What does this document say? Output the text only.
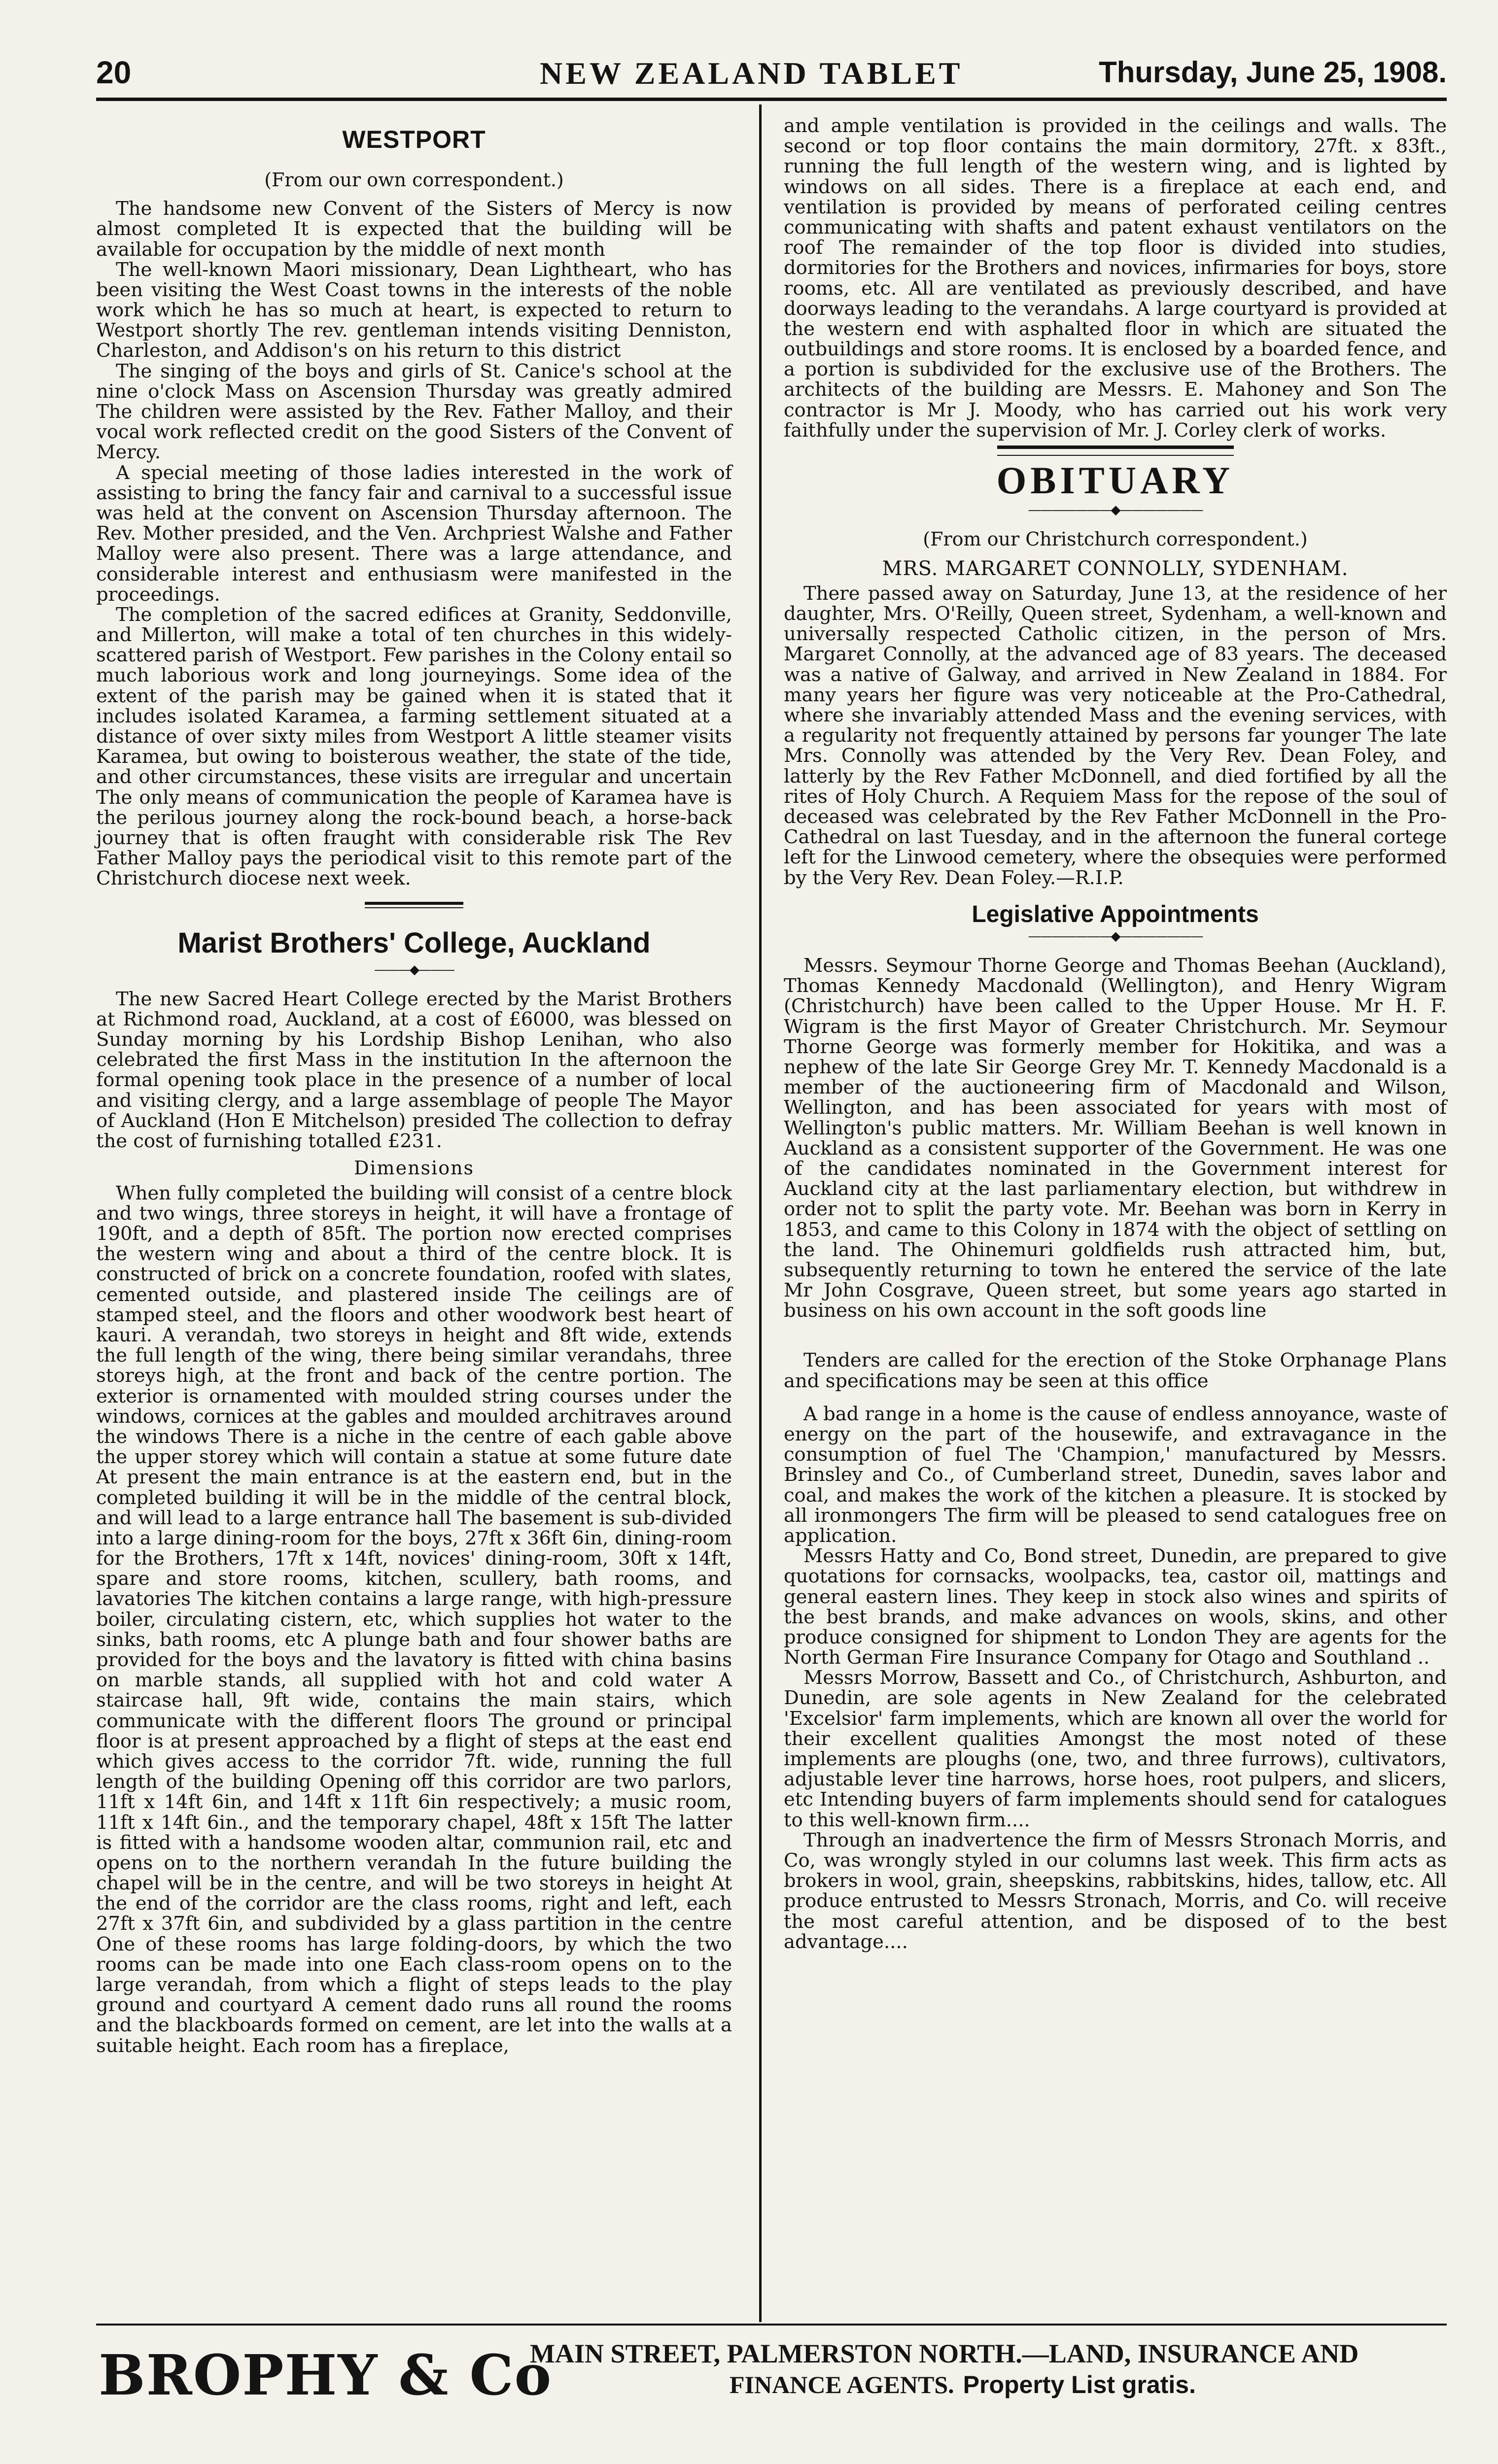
20	NEW ZEALAND TABLET	Thursday, June 25, 1908.
WESTPORT
(From our own correspondent.)

The handsome new Convent of the Sisters of Mercy is now almost completed It is expected that the building will be available for occupation by the middle of next month

The well-known Maori missionary, Dean Lightheart, who has been visiting the West Coast towns in the interests of the noble work which he has so much at heart, is expected to return to Westport shortly The rev. gentleman intends visiting Denniston, Charleston, and Addison's on his return to this district

The singing of the boys and girls of St. Canice's school at the nine o'clock Mass on Ascension Thursday was greatly admired The children were assisted by the Rev. Father Malloy, and their vocal work reflected credit on the good Sisters of the Convent of Mercy.

A special meeting of those ladies interested in the work of assisting to bring the fancy fair and carnival to a successful issue was held at the convent on Ascension Thursday afternoon. The Rev. Mother presided, and the Ven. Archpriest Walshe and Father Malloy were also present. There was a large attendance, and considerable interest and enthusiasm were manifested in the proceedings.

The completion of the sacred edifices at Granity, Seddonville, and Millerton, will make a total of ten churches in this widely-scattered parish of Westport. Few parishes in the Colony entail so much laborious work and long journeyings. Some idea of the extent of the parish may be gained when it is stated that it includes isolated Karamea, a farming settlement situated at a distance of over sixty miles from Westport A little steamer visits Karamea, but owing to boisterous weather, the state of the tide, and other circumstances, these visits are irregular and uncertain The only means of communication the people of Karamea have is the perilous journey along the rock-bound beach, a horse-back journey that is often fraught with considerable risk The Rev Father Malloy pays the periodical visit to this remote part of the Christchurch diocese next week.

Marist Brothers' College, Auckland
———◆———

The new Sacred Heart College erected by the Marist Brothers at Richmond road, Auckland, at a cost of £6000, was blessed on Sunday morning by his Lordship Bishop Lenihan, who also celebrated the first Mass in the institution In the afternoon the formal opening took place in the presence of a number of local and visiting clergy, and a large assemblage of people The Mayor of Auckland (Hon E Mitchelson) presided The collection to defray the cost of furnishing totalled £231.

Dimensions

When fully completed the building will consist of a centre block and two wings, three storeys in height, it will have a frontage of 190ft, and a depth of 85ft. The portion now erected comprises the western wing and about a third of the centre block. It is constructed of brick on a concrete foundation, roofed with slates, cemented outside, and plastered inside The ceilings are of stamped steel, and the floors and other woodwork best heart of kauri. A verandah, two storeys in height and 8ft wide, extends the full length of the wing, there being similar verandahs, three storeys high, at the front and back of the centre portion. The exterior is ornamented with moulded string courses under the windows, cornices at the gables and moulded architraves around the windows There is a niche in the centre of each gable above the upper storey which will contain a statue at some future date At present the main entrance is at the eastern end, but in the completed building it will be in the middle of the central block, and will lead to a large entrance hall The basement is sub-divided into a large dining-room for the boys, 27ft x 36ft 6in, dining-room for the Brothers, 17ft x 14ft, novices' dining-room, 30ft x 14ft, spare and store rooms, kitchen, scullery, bath rooms, and lavatories The kitchen contains a large range, with high-pressure boiler, circulating cistern, etc, which supplies hot water to the sinks, bath rooms, etc A plunge bath and four shower baths are provided for the boys and the lavatory is fitted with china basins on marble stands, all supplied with hot and cold water A staircase hall, 9ft wide, contains the main stairs, which communicate with the different floors The ground or principal floor is at present approached by a flight of steps at the east end which gives access to the corridor 7ft. wide, running the full length of the building Opening off this corridor are two parlors, 11ft x 14ft 6in, and 14ft x 11ft 6in respectively; a music room, 11ft x 14ft 6in., and the temporary chapel, 48ft x 15ft The latter is fitted with a handsome wooden altar, communion rail, etc and opens on to the northern verandah In the future building the chapel will be in the centre, and will be two storeys in height At the end of the corridor are the class rooms, right and left, each 27ft x 37ft 6in, and subdivided by a glass partition in the centre One of these rooms has large folding-doors, by which the two rooms can be made into one Each class-room opens on to the large verandah, from which a flight of steps leads to the play ground and courtyard A cement dado runs all round the rooms and the blackboards formed on cement, are let into the walls at a suitable height. Each room has a fireplace,

and ample ventilation is provided in the ceilings and walls. The second or top floor contains the main dormitory, 27ft. x 83ft., running the full length of the western wing, and is lighted by windows on all sides. There is a fireplace at each end, and ventilation is provided by means of perforated ceiling centres communicating with shafts and patent exhaust ventilators on the roof The remainder of the top floor is divided into studies, dormitories for the Brothers and novices, infirmaries for boys, store rooms, etc. All are ventilated as previously described, and have doorways leading to the verandahs. A large courtyard is provided at the western end with asphalted floor in which are situated the outbuildings and store rooms. It is enclosed by a boarded fence, and a portion is subdivided for the exclusive use of the Brothers. The architects of the building are Messrs. E. Mahoney and Son The contractor is Mr J. Moody, who has carried out his work very faithfully under the supervision of Mr. J. Corley clerk of works.

OBITUARY
———————◆———————
(From our Christchurch correspondent.)
MRS. MARGARET CONNOLLY, SYDENHAM.

There passed away on Saturday, June 13, at the residence of her daughter, Mrs. O'Reilly, Queen street, Sydenham, a well-known and universally respected Catholic citizen, in the person of Mrs. Margaret Connolly, at the advanced age of 83 years. The deceased was a native of Galway, and arrived in New Zealand in 1884. For many years her figure was very noticeable at the Pro-Cathedral, where she invariably attended Mass and the evening services, with a regularity not frequently attained by persons far younger The late Mrs. Connolly was attended by the Very Rev. Dean Foley, and latterly by the Rev Father McDonnell, and died fortified by all the rites of Holy Church. A Requiem Mass for the repose of the soul of deceased was celebrated by the Rev Father McDonnell in the Pro-Cathedral on last Tuesday, and in the afternoon the funeral cortege left for the Linwood cemetery, where the obsequies were performed by the Very Rev. Dean Foley.—R.I.P.

Legislative Appointments
———————◆———————

Messrs. Seymour Thorne George and Thomas Beehan (Auckland), Thomas Kennedy Macdonald (Wellington), and Henry Wigram (Christchurch) have been called to the Upper House. Mr H. F. Wigram is the first Mayor of Greater Christchurch. Mr. Seymour Thorne George was formerly member for Hokitika, and was a nephew of the late Sir George Grey Mr. T. Kennedy Macdonald is a member of the auctioneering firm of Macdonald and Wilson, Wellington, and has been associated for years with most of Wellington's public matters. Mr. William Beehan is well known in Auckland as a consistent supporter of the Government. He was one of the candidates nominated in the Government interest for Auckland city at the last parliamentary election, but withdrew in order not to split the party vote. Mr. Beehan was born in Kerry in 1853, and came to this Colony in 1874 with the object of settling on the land. The Ohinemuri goldfields rush attracted him, but, subsequently returning to town he entered the service of the late Mr John Cosgrave, Queen street, but some years ago started in business on his own account in the soft goods line

Tenders are called for the erection of the Stoke Orphanage Plans and specifications may be seen at this office

A bad range in a home is the cause of endless annoyance, waste of energy on the part of the housewife, and extravagance in the consumption of fuel The 'Champion,' manufactured by Messrs. Brinsley and Co., of Cumberland street, Dunedin, saves labor and coal, and makes the work of the kitchen a pleasure. It is stocked by all ironmongers The firm will be pleased to send catalogues free on application.

Messrs Hatty and Co, Bond street, Dunedin, are prepared to give quotations for cornsacks, woolpacks, tea, castor oil, mattings and general eastern lines. They keep in stock also wines and spirits of the best brands, and make advances on wools, skins, and other produce consigned for shipment to London They are agents for the North German Fire Insurance Company for Otago and Southland ..

Messrs Morrow, Bassett and Co., of Christchurch, Ashburton, and Dunedin, are sole agents in New Zealand for the celebrated 'Excelsior' farm implements, which are known all over the world for their excellent qualities Amongst the most noted of these implements are ploughs (one, two, and three furrows), cultivators, adjustable lever tine harrows, horse hoes, root pulpers, and slicers, etc Intending buyers of farm implements should send for catalogues to this well-known firm....

Through an inadvertence the firm of Messrs Stronach Morris, and Co, was wrongly styled in our columns last week. This firm acts as brokers in wool, grain, sheepskins, rabbitskins, hides, tallow, etc. All produce entrusted to Messrs Stronach, Morris, and Co. will receive the most careful attention, and be disposed of to the best advantage....

BROPHY & Co
MAIN STREET, PALMERSTON NORTH.—LAND, INSURANCE AND
FINANCE AGENTS. Property List gratis.
